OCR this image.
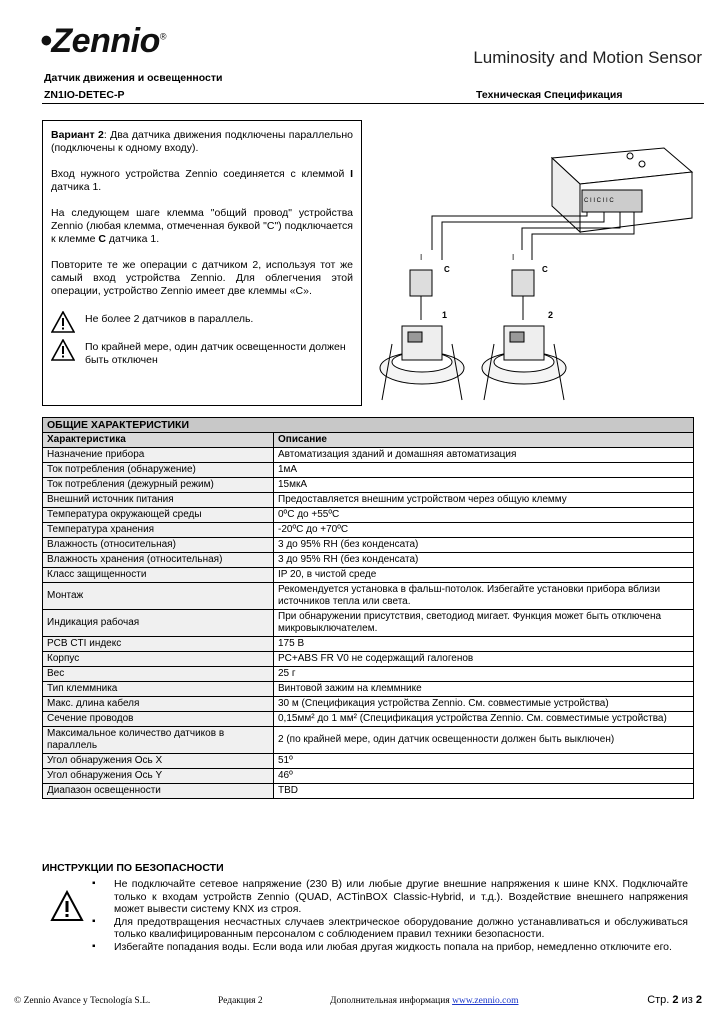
•Zennio®
Luminosity and Motion Sensor
Датчик движения и освещенности
ZN1IO-DETEC-P	Техническая Спецификация

Вариант 2: Два датчика движения подключены параллельно (подключены к одному входу).

Вход нужного устройства Zennio соединяется с клеммой I датчика 1.

На следующем шаге клемма "общий провод" устройства Zennio (любая клемма, отмеченная буквой "C") подключается к клемме C датчика 1.

Повторите те же операции с датчиком 2, используя тот же самый вход устройства Zennio. Для облегчения этой операции, устройство Zennio имеет две клеммы «С».

Не более 2 датчиков в параллель.
По крайней мере, один датчик освещенности должен быть отключен
C I I C I I C
I
C
I
C
1	2
ОБЩИЕ ХАРАКТЕРИСТИКИ	
Характеристика	Описание
Назначение прибора	Автоматизация зданий и домашняя автоматизация
Ток потребления (обнаружение)	1мА
Ток потребления (дежурный режим)	15мкА
Внешний источник питания	Предоставляется внешним устройством через общую клемму
Температура окружающей среды	0ºC до +55ºC
Температура хранения	-20ºC до +70ºC
Влажность (относительная)	3 до 95% RH (без конденсата)
Влажность хранения (относительная)	3 до 95% RH (без конденсата)
Класс защищенности	IP 20, в чистой среде
Монтаж	Рекомендуется установка в фальш-потолок. Избегайте установки прибора вблизи источников тепла или света.
Индикация рабочая	При обнаружении присутствия, светодиод мигает. Функция может быть отключена микровыключателем.
PCB CTI индекс	175 В
Корпус	PC+ABS FR V0 не содержащий галогенов
Вес	25 г
Тип клеммника	Винтовой зажим на клеммнике
Макс. длина кабеля	30 м (Спецификация устройства Zennio. См. совместимые устройства)
Сечение проводов	0,15мм² до 1 мм² (Спецификация устройства Zennio. См. совместимые устройства)
Максимальное количество датчиков в параллель	2 (по крайней мере, один датчик освещенности должен быть выключен)
Угол обнаружения Ось X	51º
Угол обнаружения Ось Y	46º
Диапазон освещенности	TBD
ИНСТРУКЦИИ ПО БЕЗОПАСНОСТИ
▪ Не подключайте сетевое напряжение (230 В) или любые другие внешние напряжения к шине KNX. Подключайте только к входам устройств Zennio (QUAD, ACTinBOX Classic-Hybrid, и т.д.). Воздействие внешнего напряжения может вывести систему KNX из строя.
▪ Для предотвращения несчастных случаев электрическое оборудование должно устанавливаться и обслуживаться только квалифицированным персоналом с соблюдением правил техники безопасности.
▪ Избегайте попадания воды. Если вода или любая другая жидкость попала на прибор, немедленно отключите его.
© Zennio Avance y Tecnología S.L.	Редакция 2	Дополнительная информация www.zennio.com	Стр. 2 из 2
